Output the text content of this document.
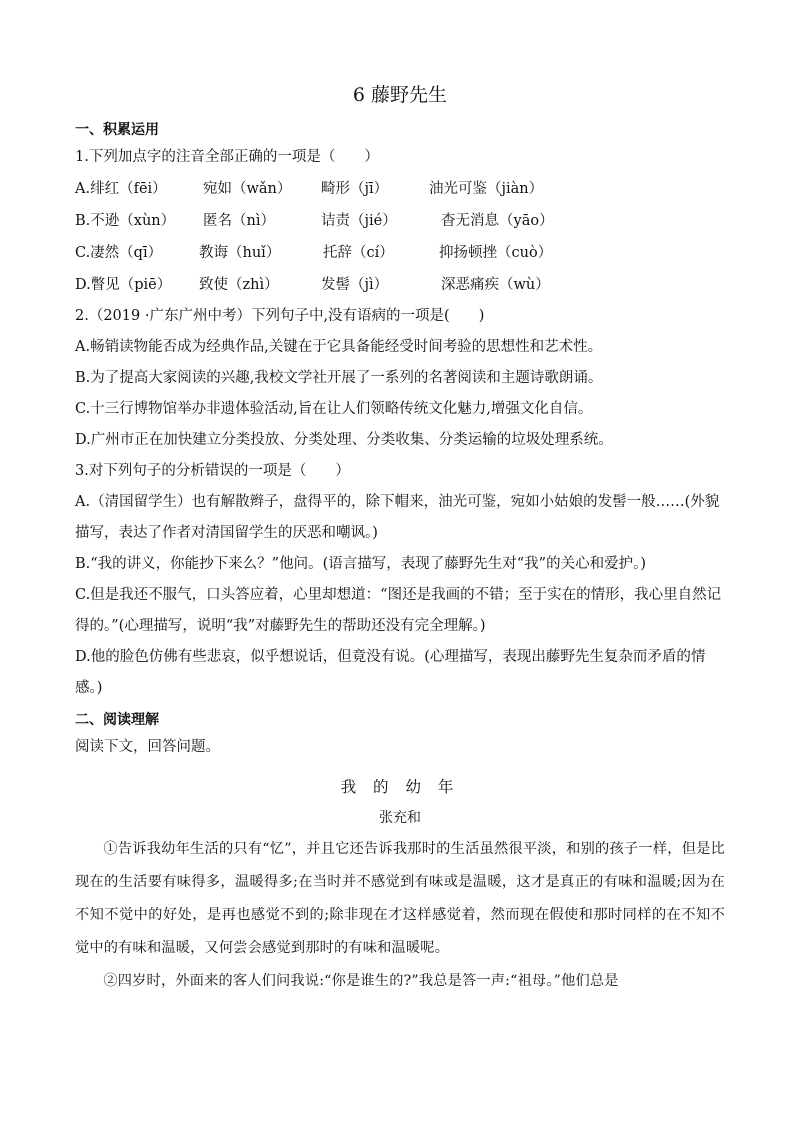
6 藤野先生
一、积累运用
1.下列加点字的注音全部正确的一项是（　　）
A.绯红（fēi）	宛如（wǎn） 畸形（jī）	油光可鉴（jiàn）
B.不逊（xùn） 匿名（nì）	诘责（jié）	杳无消息（yāo）
C.凄然（qī）	教诲（huǐ）	托辞（cí）	抑扬顿挫（cuò）
D.瞥见（piē） 致使（zhì）	发髻（jì）	深恶痛疾（wù）
2.（2019 ·广东广州中考）下列句子中,没有语病的一项是(　　)
A.畅销读物能否成为经典作品,关键在于它具备能经受时间考验的思想性和艺术性。
B.为了提高大家阅读的兴趣,我校文学社开展了一系列的名著阅读和主题诗歌朗诵。
C.十三行博物馆举办非遗体验活动,旨在让人们领略传统文化魅力,增强文化自信。
D.广州市正在加快建立分类投放、分类处理、分类收集、分类运输的垃圾处理系统。
3.对下列句子的分析错误的一项是（　　）
A.（清国留学生）也有解散辫子，盘得平的，除下帽来，油光可鉴，宛如小姑娘的发髻一般……(外貌描写，表达了作者对清国留学生的厌恶和嘲讽。)
B.“我的讲义，你能抄下来么？”他问。(语言描写，表现了藤野先生对“我”的关心和爱护。)
C.但是我还不服气，口头答应着，心里却想道：“图还是我画的不错；至于实在的情形，我心里自然记得的。”(心理描写，说明“我”对藤野先生的帮助还没有完全理解。)
D.他的脸色仿佛有些悲哀，似乎想说话，但竟没有说。(心理描写，表现出藤野先生复杂而矛盾的情感。)
二、阅读理解
阅读下文，回答问题。
我 的 幼 年
张充和
①告诉我幼年生活的只有“忆”，并且它还告诉我那时的生活虽然很平淡，和别的孩子一样，但是比现在的生活要有味得多，温暖得多;在当时并不感觉到有味或是温暖，这才是真正的有味和温暖;因为在不知不觉中的好处，是再也感觉不到的;除非现在才这样感觉着，然而现在假使和那时同样的在不知不觉中的有味和温暖，又何尝会感觉到那时的有味和温暖呢。
②四岁时，外面来的客人们问我说:“你是谁生的?”我总是答一声:“祖母。”他们总是
